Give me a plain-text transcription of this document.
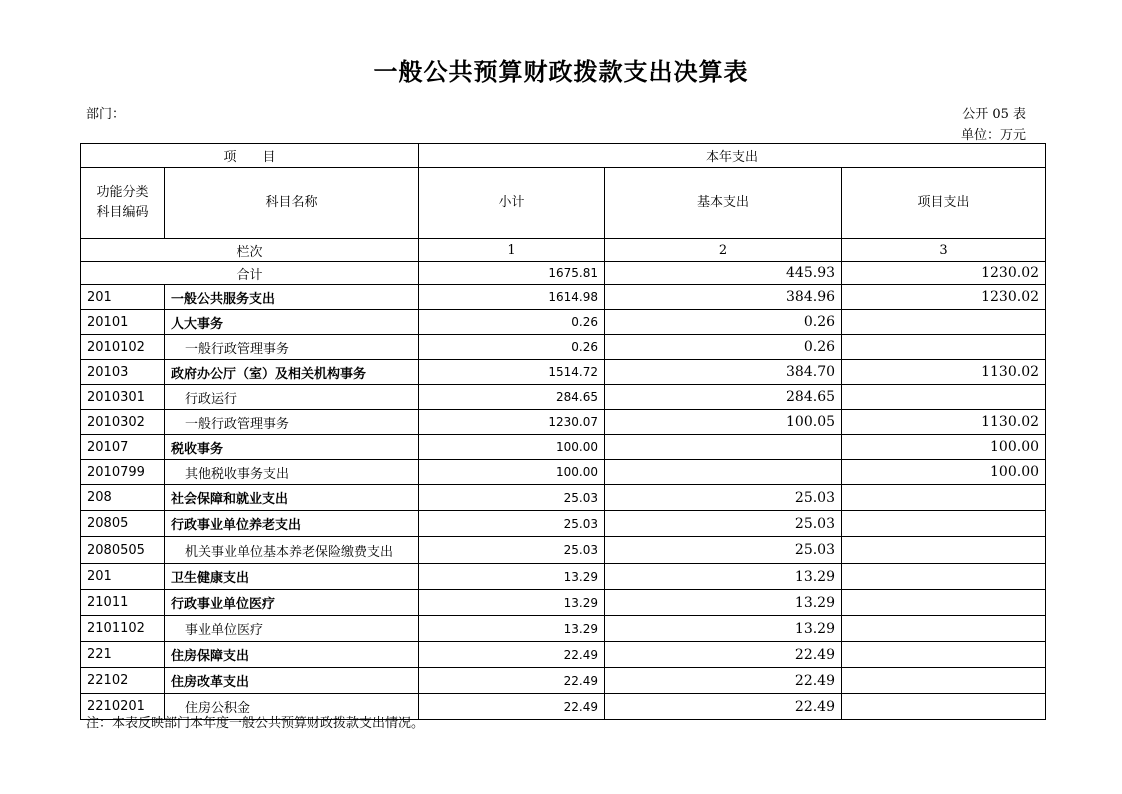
一般公共预算财政拨款支出决算表
部门：	公开 05 表
单位：万元
项　　目		本年支出		
功能分类
科目编码	科目名称	小计	基本支出	项目支出
栏次		1	2	3
合计		1675.81	445.93	1230.02
201	一般公共服务支出	1614.98	384.96	1230.02
20101	人大事务	0.26	0.26	
2010102	一般行政管理事务	0.26	0.26	
20103	政府办公厅（室）及相关机构事务	1514.72	384.70	1130.02
2010301	行政运行	284.65	284.65	
2010302	一般行政管理事务	1230.07	100.05	1130.02
20107	税收事务	100.00		100.00
2010799	其他税收事务支出	100.00		100.00
208	社会保障和就业支出	25.03	25.03	
20805	行政事业单位养老支出	25.03	25.03	
2080505	机关事业单位基本养老保险缴费支出	25.03	25.03	
201	卫生健康支出	13.29	13.29	
21011	行政事业单位医疗	13.29	13.29	
2101102	事业单位医疗	13.29	13.29	
221	住房保障支出	22.49	22.49	
22102	住房改革支出	22.49	22.49	
2210201	住房公积金	22.49	22.49	
注：本表反映部门本年度一般公共预算财政拨款支出情况。
